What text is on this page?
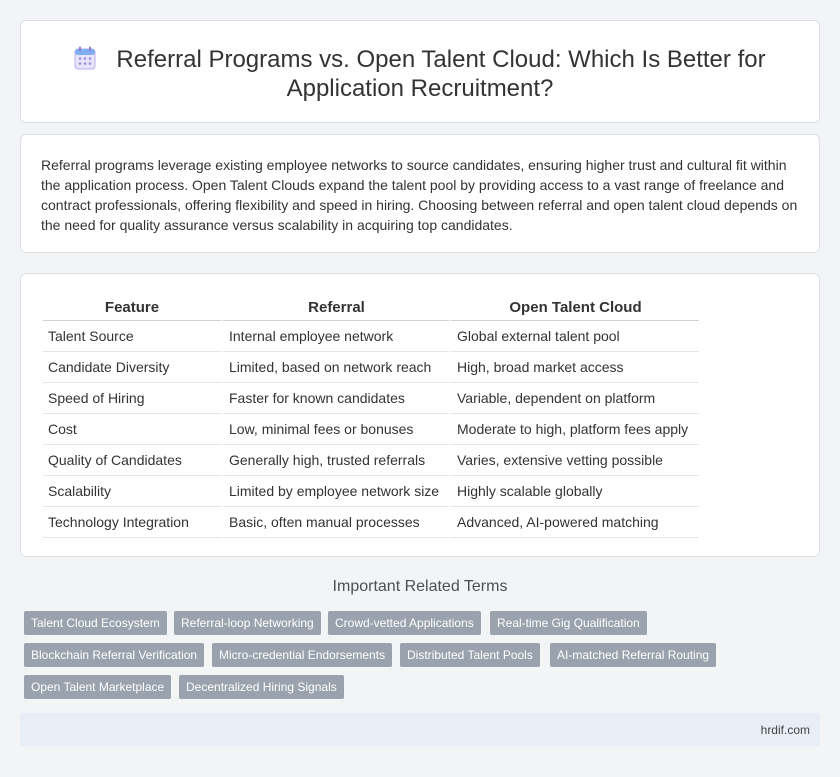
Referral Programs vs. Open Talent Cloud: Which Is Better for Application Recruitment?

Referral programs leverage existing employee networks to source candidates, ensuring higher trust and cultural fit within the application process. Open Talent Clouds expand the talent pool by providing access to a vast range of freelance and contract professionals, offering flexibility and speed in hiring. Choosing between referral and open talent cloud depends on the need for quality assurance versus scalability in acquiring top candidates.

Feature	Referral	Open Talent Cloud
Talent Source	Internal employee network	Global external talent pool
Candidate Diversity	Limited, based on network reach	High, broad market access
Speed of Hiring	Faster for known candidates	Variable, dependent on platform
Cost	Low, minimal fees or bonuses	Moderate to high, platform fees apply
Quality of Candidates	Generally high, trusted referrals	Varies, extensive vetting possible
Scalability	Limited by employee network size	Highly scalable globally
Technology Integration	Basic, often manual processes	Advanced, AI-powered matching
Important Related Terms
Talent Cloud Ecosystem	Referral-loop Networking	Crowd-vetted Applications	Real-time Gig Qualification
Blockchain Referral Verification	Micro-credential Endorsements	Distributed Talent Pools	AI-matched Referral Routing
Open Talent Marketplace	Decentralized Hiring Signals
hrdif.com
